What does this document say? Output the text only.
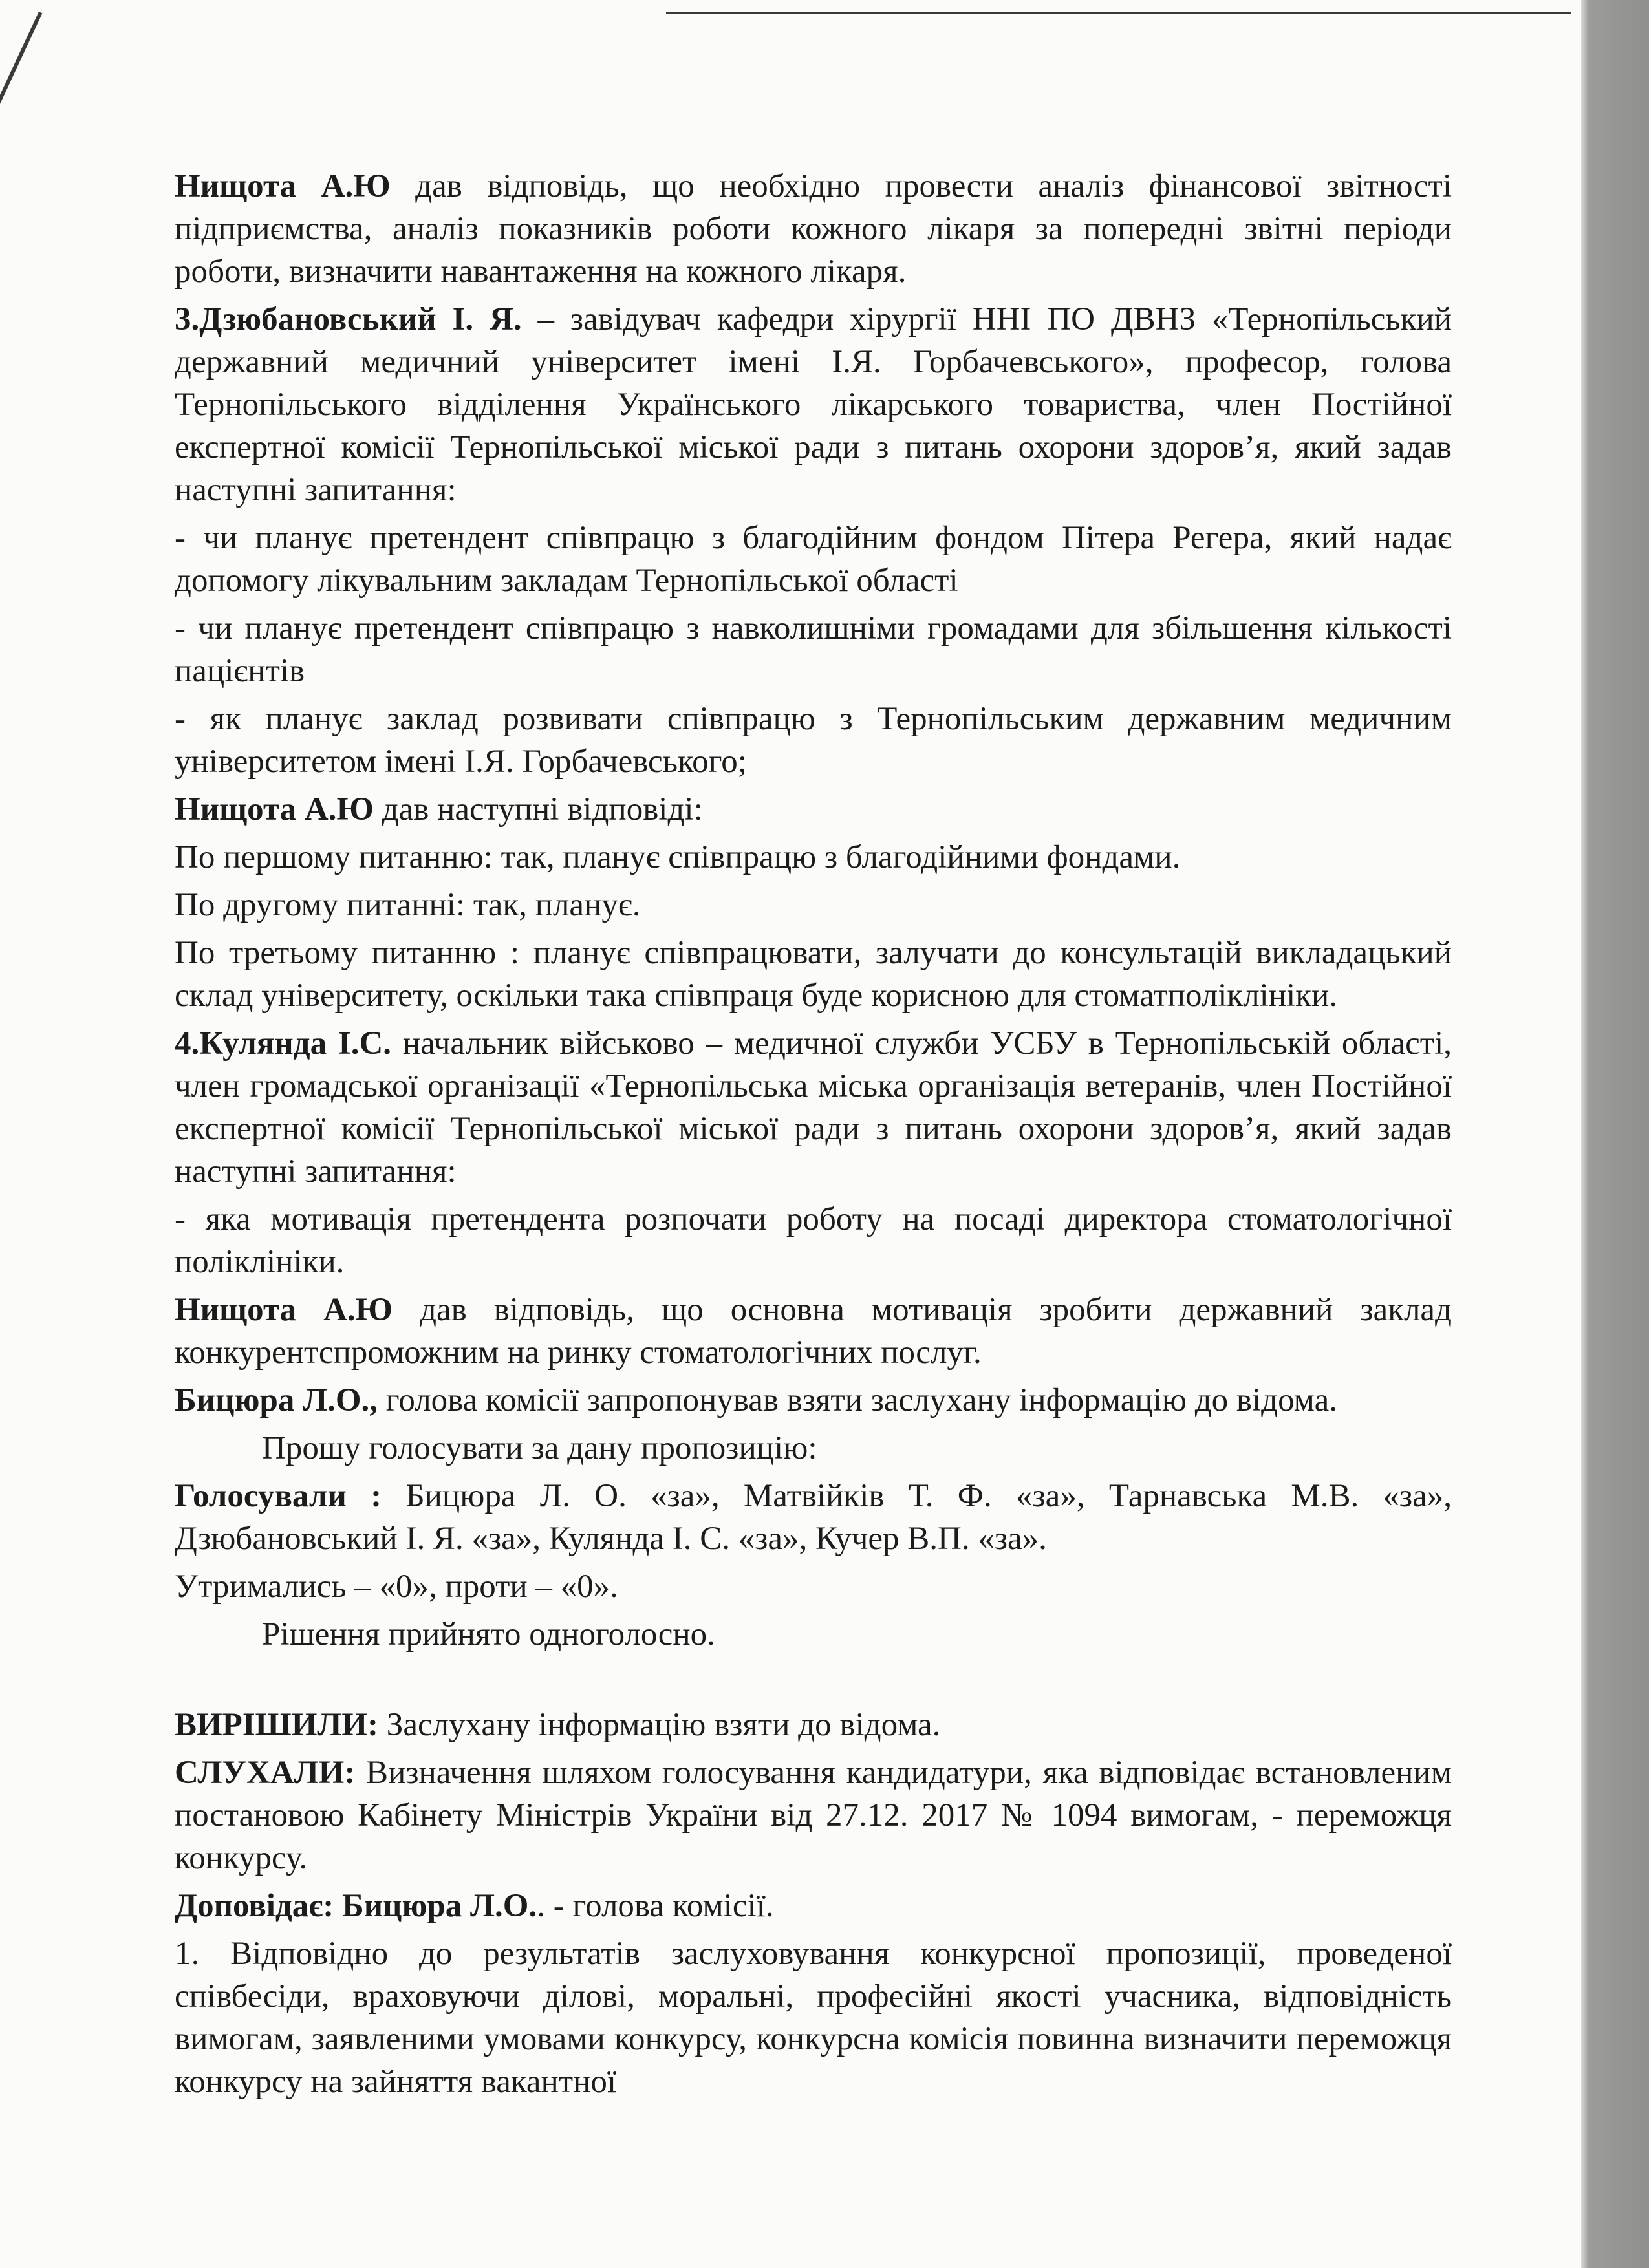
Нищота А.Ю дав відповідь, що необхідно провести аналіз фінансової звітності підприємства, аналіз показників роботи кожного лікаря за попередні звітні періоди роботи, визначити навантаження на кожного лікаря.

3.Дзюбановський І. Я. – завідувач кафедри хірургії ННІ ПО ДВНЗ «Тернопільський державний медичний університет імені І.Я. Горбачевського», професор, голова Тернопільського відділення Українського лікарського товариства, член Постійної експертної комісії Тернопільської міської ради з питань охорони здоров’я, який задав наступні запитання:

- чи планує претендент співпрацю з благодійним фондом Пітера Регера, який надає допомогу лікувальним закладам Тернопільської області

- чи планує претендент співпрацю з навколишніми громадами для збільшення кількості пацієнтів

- як планує заклад розвивати співпрацю з Тернопільським державним медичним університетом імені І.Я. Горбачевського;

Нищота А.Ю дав наступні відповіді:

По першому питанню: так, планує співпрацю з благодійними фондами.

По другому питанні: так, планує.

По третьому питанню : планує співпрацювати, залучати до консультацій викладацький склад університету, оскільки така співпраця буде корисною для стоматполіклініки.

4.Кулянда І.С. начальник військово – медичної служби УСБУ в Тернопільській області, член громадської організації «Тернопільська міська організація ветеранів, член Постійної експертної комісії Тернопільської міської ради з питань охорони здоров’я, який задав наступні запитання:

- яка мотивація претендента розпочати роботу на посаді директора стоматологічної поліклініки.

Нищота А.Ю дав відповідь, що основна мотивація зробити державний заклад конкурентспроможним на ринку стоматологічних послуг.

Бицюра Л.О., голова комісії запропонував взяти заслухану інформацію до відома.

Прошу голосувати за дану пропозицію:

Голосували : Бицюра Л. О. «за», Матвійків Т. Ф. «за», Тарнавська М.В. «за», Дзюбановський І. Я. «за», Кулянда І. С. «за», Кучер В.П. «за».

Утримались – «0», проти – «0».

Рішення прийнято одноголосно.

ВИРІШИЛИ: Заслухану інформацію взяти до відома.

СЛУХАЛИ: Визначення шляхом голосування кандидатури, яка відповідає встановленим постановою Кабінету Міністрів України від 27.12. 2017 № 1094 вимогам, - переможця конкурсу.

Доповідає: Бицюра Л.О.. - голова комісії.

1. Відповідно до результатів заслуховування конкурсної пропозиції, проведеної співбесіди, враховуючи ділові, моральні, професійні якості учасника, відповідність вимогам, заявленими умовами конкурсу, конкурсна комісія повинна визначити переможця конкурсу на зайняття вакантної
